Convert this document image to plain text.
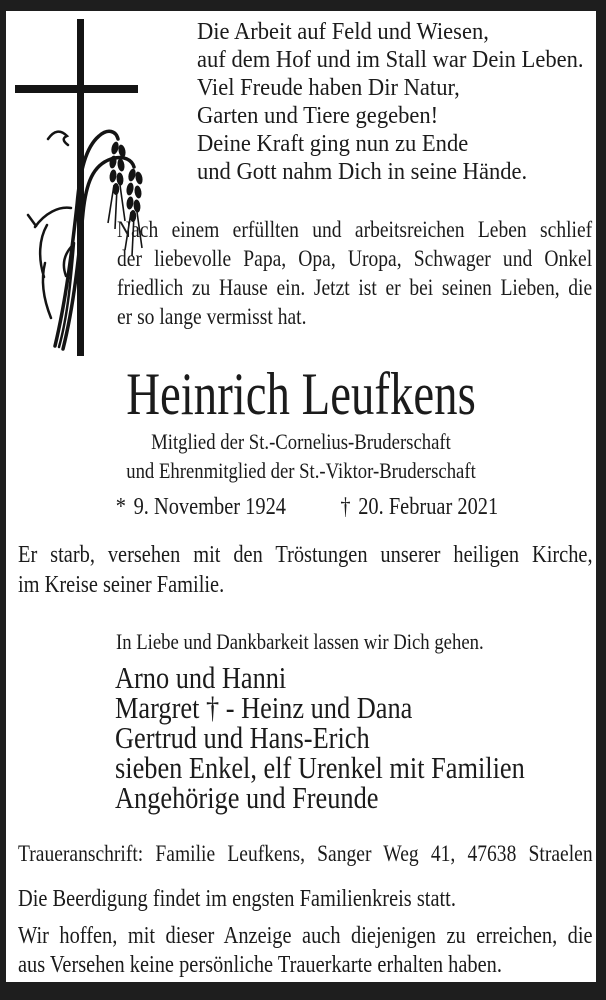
Die Arbeit auf Feld und Wiesen,
auf dem Hof und im Stall war Dein Leben.
Viel Freude haben Dir Natur,
Garten und Tiere gegeben!
Deine Kraft ging nun zu Ende
und Gott nahm Dich in seine Hände.
Nach einem erfüllten und arbeitsreichen Leben schlief
der liebevolle Papa, Opa, Uropa, Schwager und Onkel
friedlich zu Hause ein. Jetzt ist er bei seinen Lieben, die
er so lange vermisst hat.
Heinrich Leufkens
Mitglied der St.-Cornelius-Bruderschaft
und Ehrenmitglied der St.-Viktor-Bruderschaft
* 9. November 1924 † 20. Februar 2021
Er starb, versehen mit den Tröstungen unserer heiligen Kirche,
im Kreise seiner Familie.
In Liebe und Dankbarkeit lassen wir Dich gehen.
Arno und Hanni
Margret † - Heinz und Dana
Gertrud und Hans-Erich
sieben Enkel, elf Urenkel mit Familien
Angehörige und Freunde
Traueranschrift: Familie Leufkens, Sanger Weg 41, 47638 Straelen
Die Beerdigung findet im engsten Familienkreis statt.
Wir hoffen, mit dieser Anzeige auch diejenigen zu erreichen, die
aus Versehen keine persönliche Trauerkarte erhalten haben.
